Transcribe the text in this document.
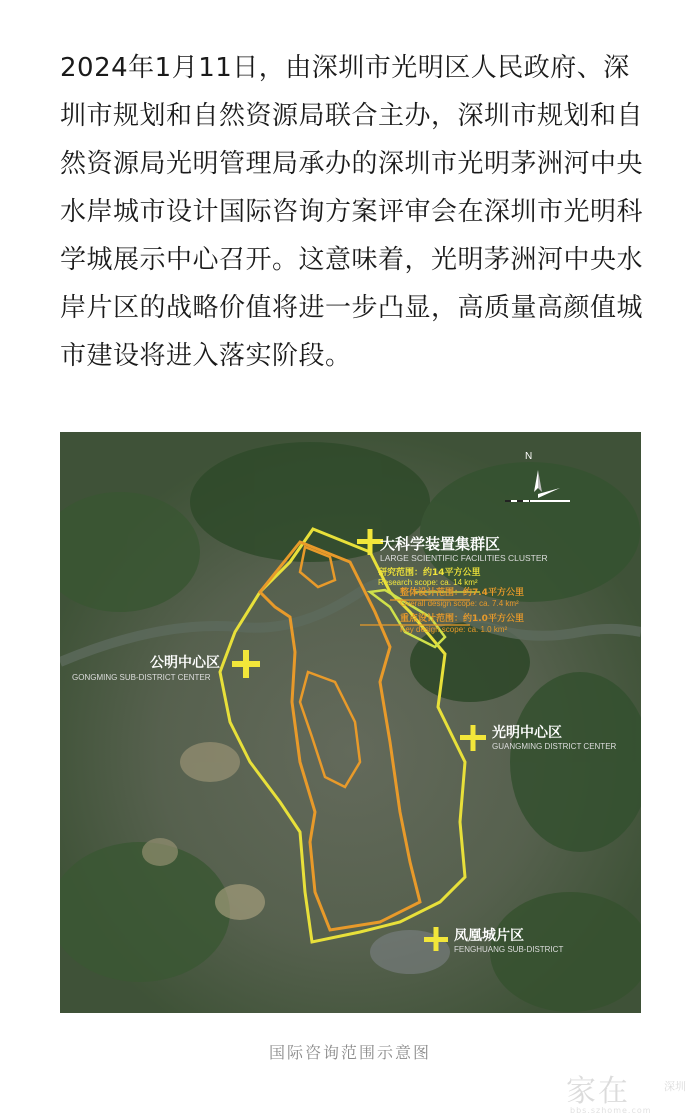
2024年1月11日，由深圳市光明区人民政府、深圳市规划和自然资源局联合主办，深圳市规划和自然资源局光明管理局承办的深圳市光明茅洲河中央水岸城市设计国际咨询方案评审会在深圳市光明科学城展示中心召开。这意味着，光明茅洲河中央水岸片区的战略价值将进一步凸显，高质量高颜值城市建设将进入落实阶段。

N
大科学装置集群区
LARGE SCIENTIFIC FACILITIES CLUSTER
研究范围：约14平方公里
Research scope: ca. 14 km²
整体设计范围：约7.4平方公里
Overall design scope: ca. 7.4 km²
重点设计范围：约1.0平方公里
Key design scope: ca. 1.0 km²
公明中心区
GONGMING SUB-DISTRICT CENTER
光明中心区
GUANGMING DISTRICT CENTER
凤凰城片区
FENGHUANG SUB-DISTRICT
国际咨询范围示意图
家在	深圳
bbs.szhome.com
